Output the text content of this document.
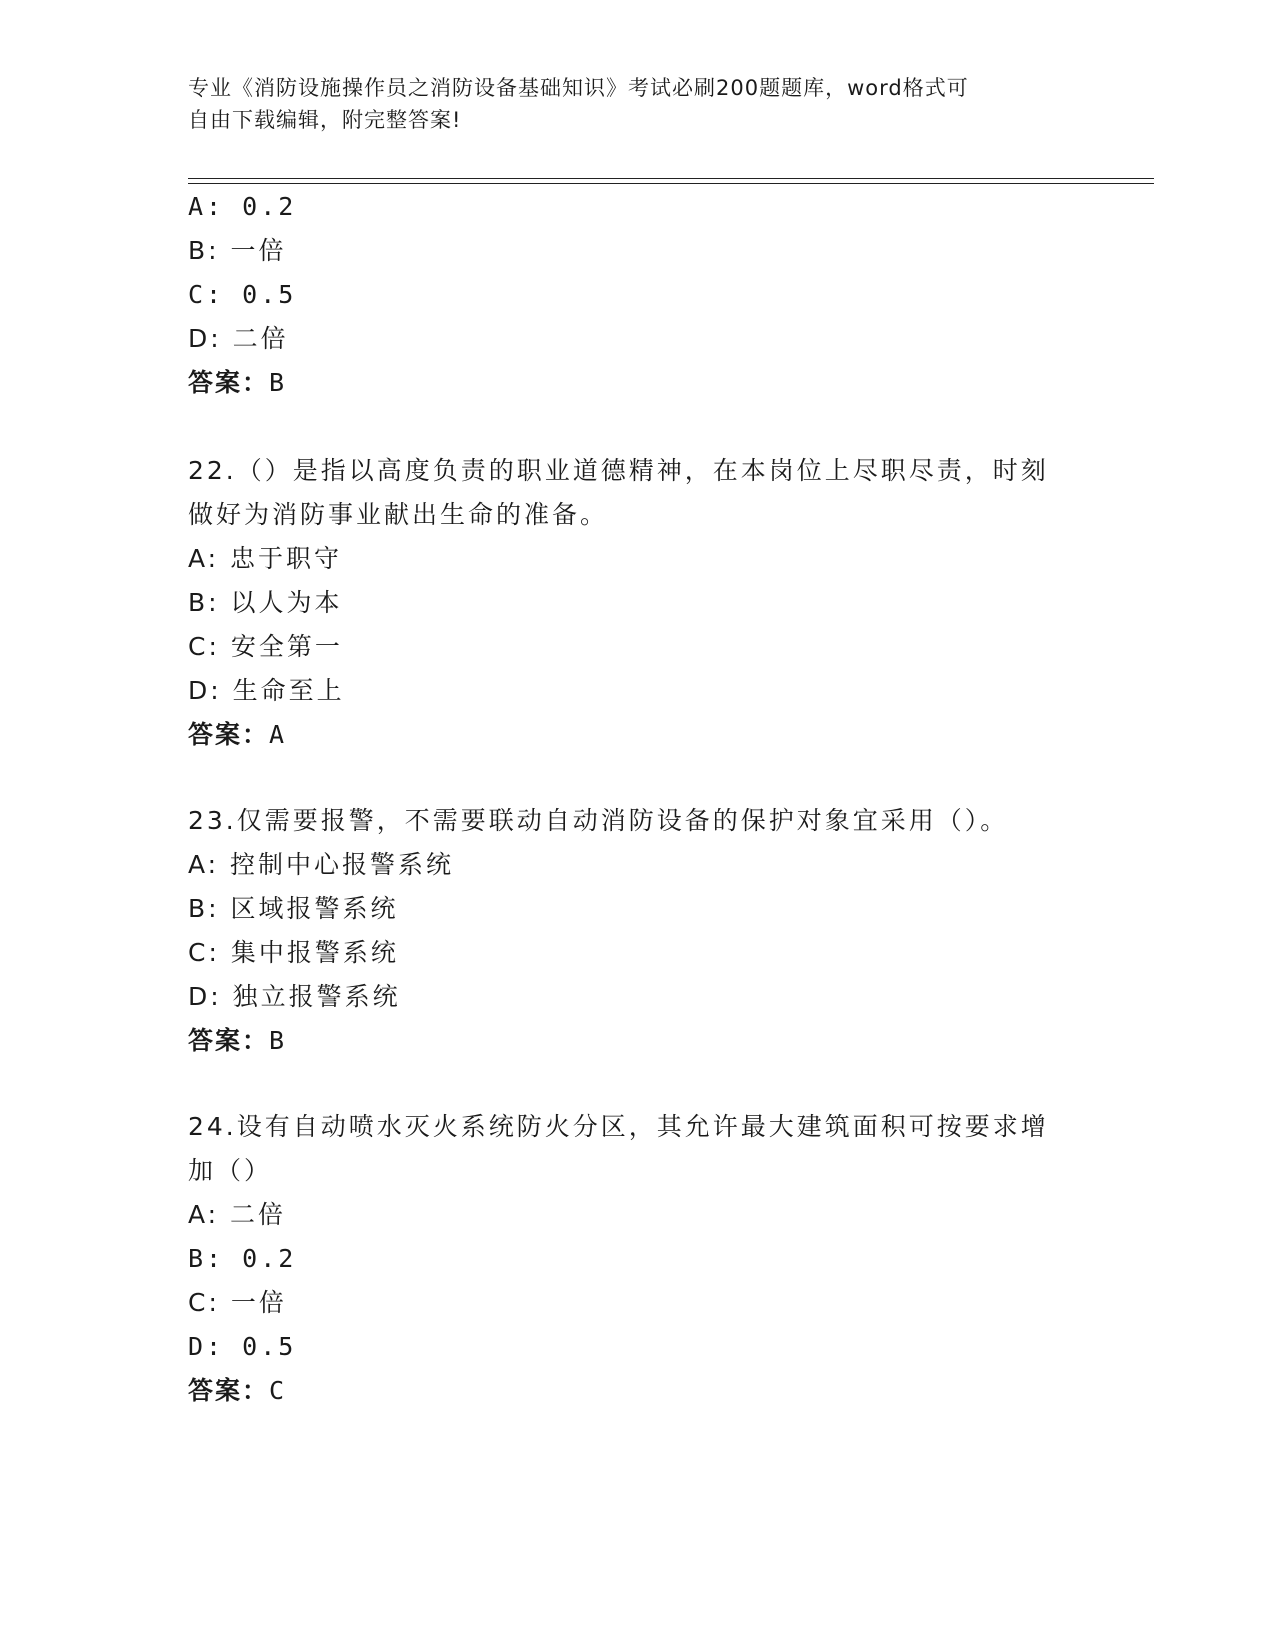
专业《消防设施操作员之消防设备基础知识》考试必刷200题题库，word格式可
自由下载编辑，附完整答案!
A: 0.2
B: 一倍
C: 0.5
D: 二倍
答案：B
22.（）是指以高度负责的职业道德精神，在本岗位上尽职尽责，时刻
做好为消防事业献出生命的准备。
A: 忠于职守
B: 以人为本
C: 安全第一
D: 生命至上
答案：A
23.仅需要报警，不需要联动自动消防设备的保护对象宜采用（）。
A: 控制中心报警系统
B: 区域报警系统
C: 集中报警系统
D: 独立报警系统
答案：B
24.设有自动喷水灭火系统防火分区，其允许最大建筑面积可按要求增
加（）
A: 二倍
B: 0.2
C: 一倍
D: 0.5
答案：C
